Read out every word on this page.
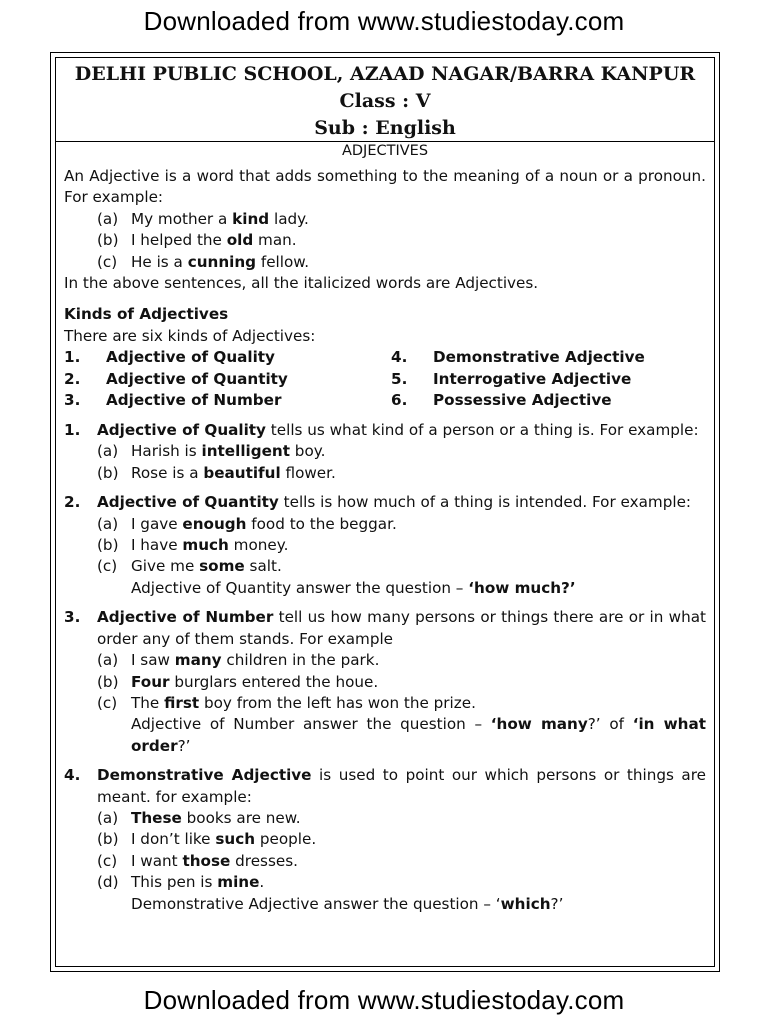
Downloaded from www.studiestoday.com
DELHI PUBLIC SCHOOL, AZAAD NAGAR/BARRA KANPUR
Class : V
Sub : English
ADJECTIVES

An Adjective is a word that adds something to the meaning of a noun or a pronoun. For example:

(a) My mother a kind lady.
(b) I helped the old man.
(c) He is a cunning fellow.

In the above sentences, all the italicized words are Adjectives.

Kinds of Adjectives

There are six kinds of Adjectives:

1.	Adjective of Quality	4.	Demonstrative Adjective
2.	Adjective of Quantity	5.	Interrogative Adjective
3.	Adjective of Number	6.	Possessive Adjective
1.	Adjective of Quality tells us what kind of a person or a thing is. For example:
(a) Harish is intelligent boy.
(b) Rose is a beautiful flower.
2.	Adjective of Quantity tells is how much of a thing is intended. For example:
(a) I gave enough food to the beggar.
(b) I have much money.
(c) Give me some salt.
Adjective of Quantity answer the question – ‘how much?’
3.	Adjective of Number tell us how many persons or things there are or in what order any of them stands. For example
(a) I saw many children in the park.
(b) Four burglars entered the houe.
(c) The first boy from the left has won the prize.
Adjective of Number answer the question – ‘how many?’ of ‘in what order?’
4.	Demonstrative Adjective is used to point our which persons or things are meant. for example:
(a) These books are new.
(b) I don’t like such people.
(c) I want those dresses.
(d) This pen is mine.
Demonstrative Adjective answer the question – ‘which?’
Downloaded from www.studiestoday.com
